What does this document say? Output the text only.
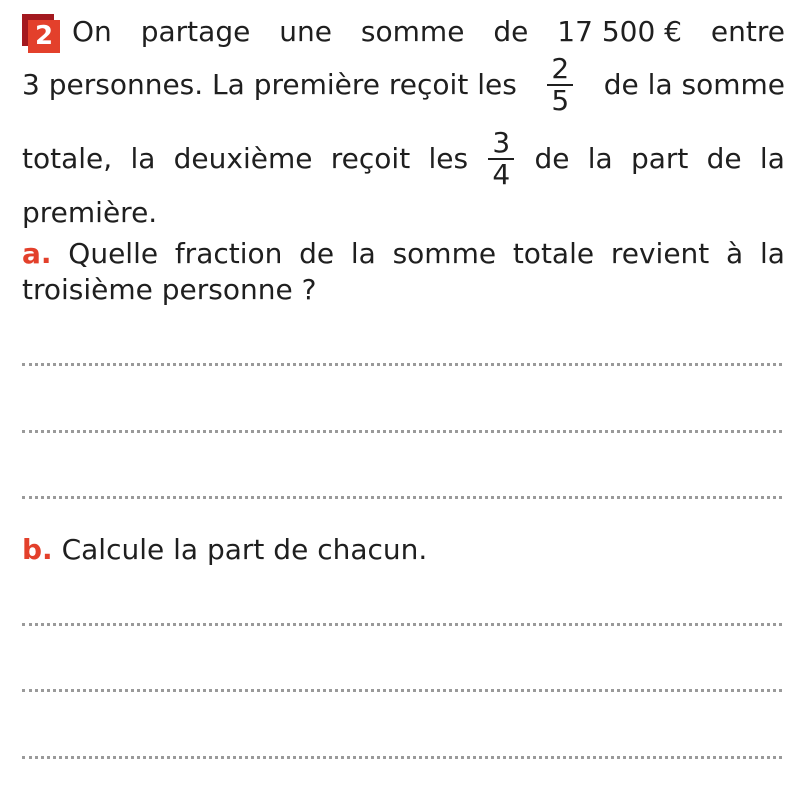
2 On partage une somme de 17 500 € entre
3 personnes. La première reçoit les $\frac{2}{5}$ de la somme
totale, la deuxième reçoit les $\frac{3}{4}$ de la part de la
première.
a. Quelle fraction de la somme totale revient à la
troisième personne ?
b. Calcule la part de chacun.
